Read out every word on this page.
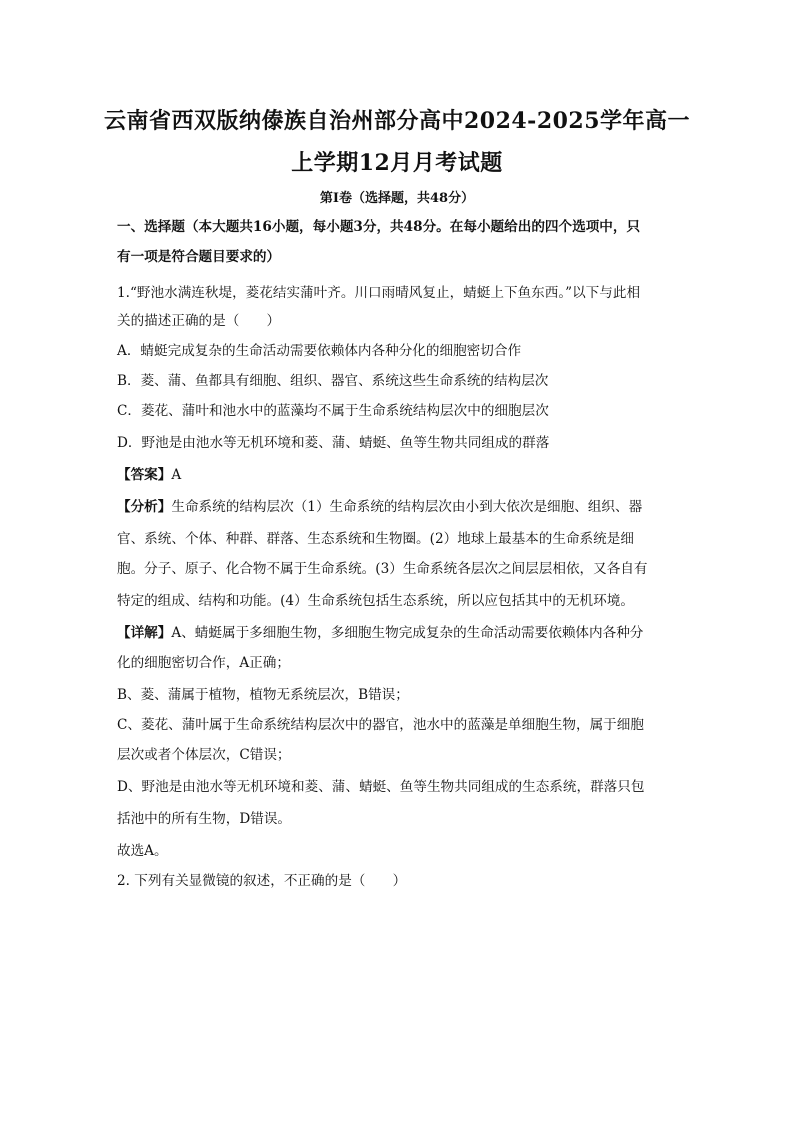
云南省西双版纳傣族自治州部分高中2024-2025学年高一
上学期12月月考试题
第Ⅰ卷（选择题，共48分）
一、选择题（本大题共16小题，每小题3分，共48分。在每小题给出的四个选项中，只
有一项是符合题目要求的）
1.“野池水满连秋堤，菱花结实蒲叶齐。川口雨晴风复止，蜻蜓上下鱼东西。”以下与此相
关的描述正确的是（　　）
A．蜻蜓完成复杂的生命活动需要依赖体内各种分化的细胞密切合作
B．菱、蒲、鱼都具有细胞、组织、器官、系统这些生命系统的结构层次
C．菱花、蒲叶和池水中的蓝藻均不属于生命系统结构层次中的细胞层次
D．野池是由池水等无机环境和菱、蒲、蜻蜓、鱼等生物共同组成的群落
【答案】A
【分析】生命系统的结构层次（1）生命系统的结构层次由小到大依次是细胞、组织、器
官、系统、个体、种群、群落、生态系统和生物圈。(2）地球上最基本的生命系统是细
胞。分子、原子、化合物不属于生命系统。(3）生命系统各层次之间层层相依，又各自有
特定的组成、结构和功能。(4）生命系统包括生态系统，所以应包括其中的无机环境。
【详解】A、蜻蜓属于多细胞生物，多细胞生物完成复杂的生命活动需要依赖体内各种分
化的细胞密切合作，A正确；
B、菱、蒲属于植物，植物无系统层次，B错误；
C、菱花、蒲叶属于生命系统结构层次中的器官，池水中的蓝藻是单细胞生物，属于细胞
层次或者个体层次，C错误；
D、野池是由池水等无机环境和菱、蒲、蜻蜓、鱼等生物共同组成的生态系统，群落只包
括池中的所有生物，D错误。
故选A。
2. 下列有关显微镜的叙述，不正确的是（　　）
